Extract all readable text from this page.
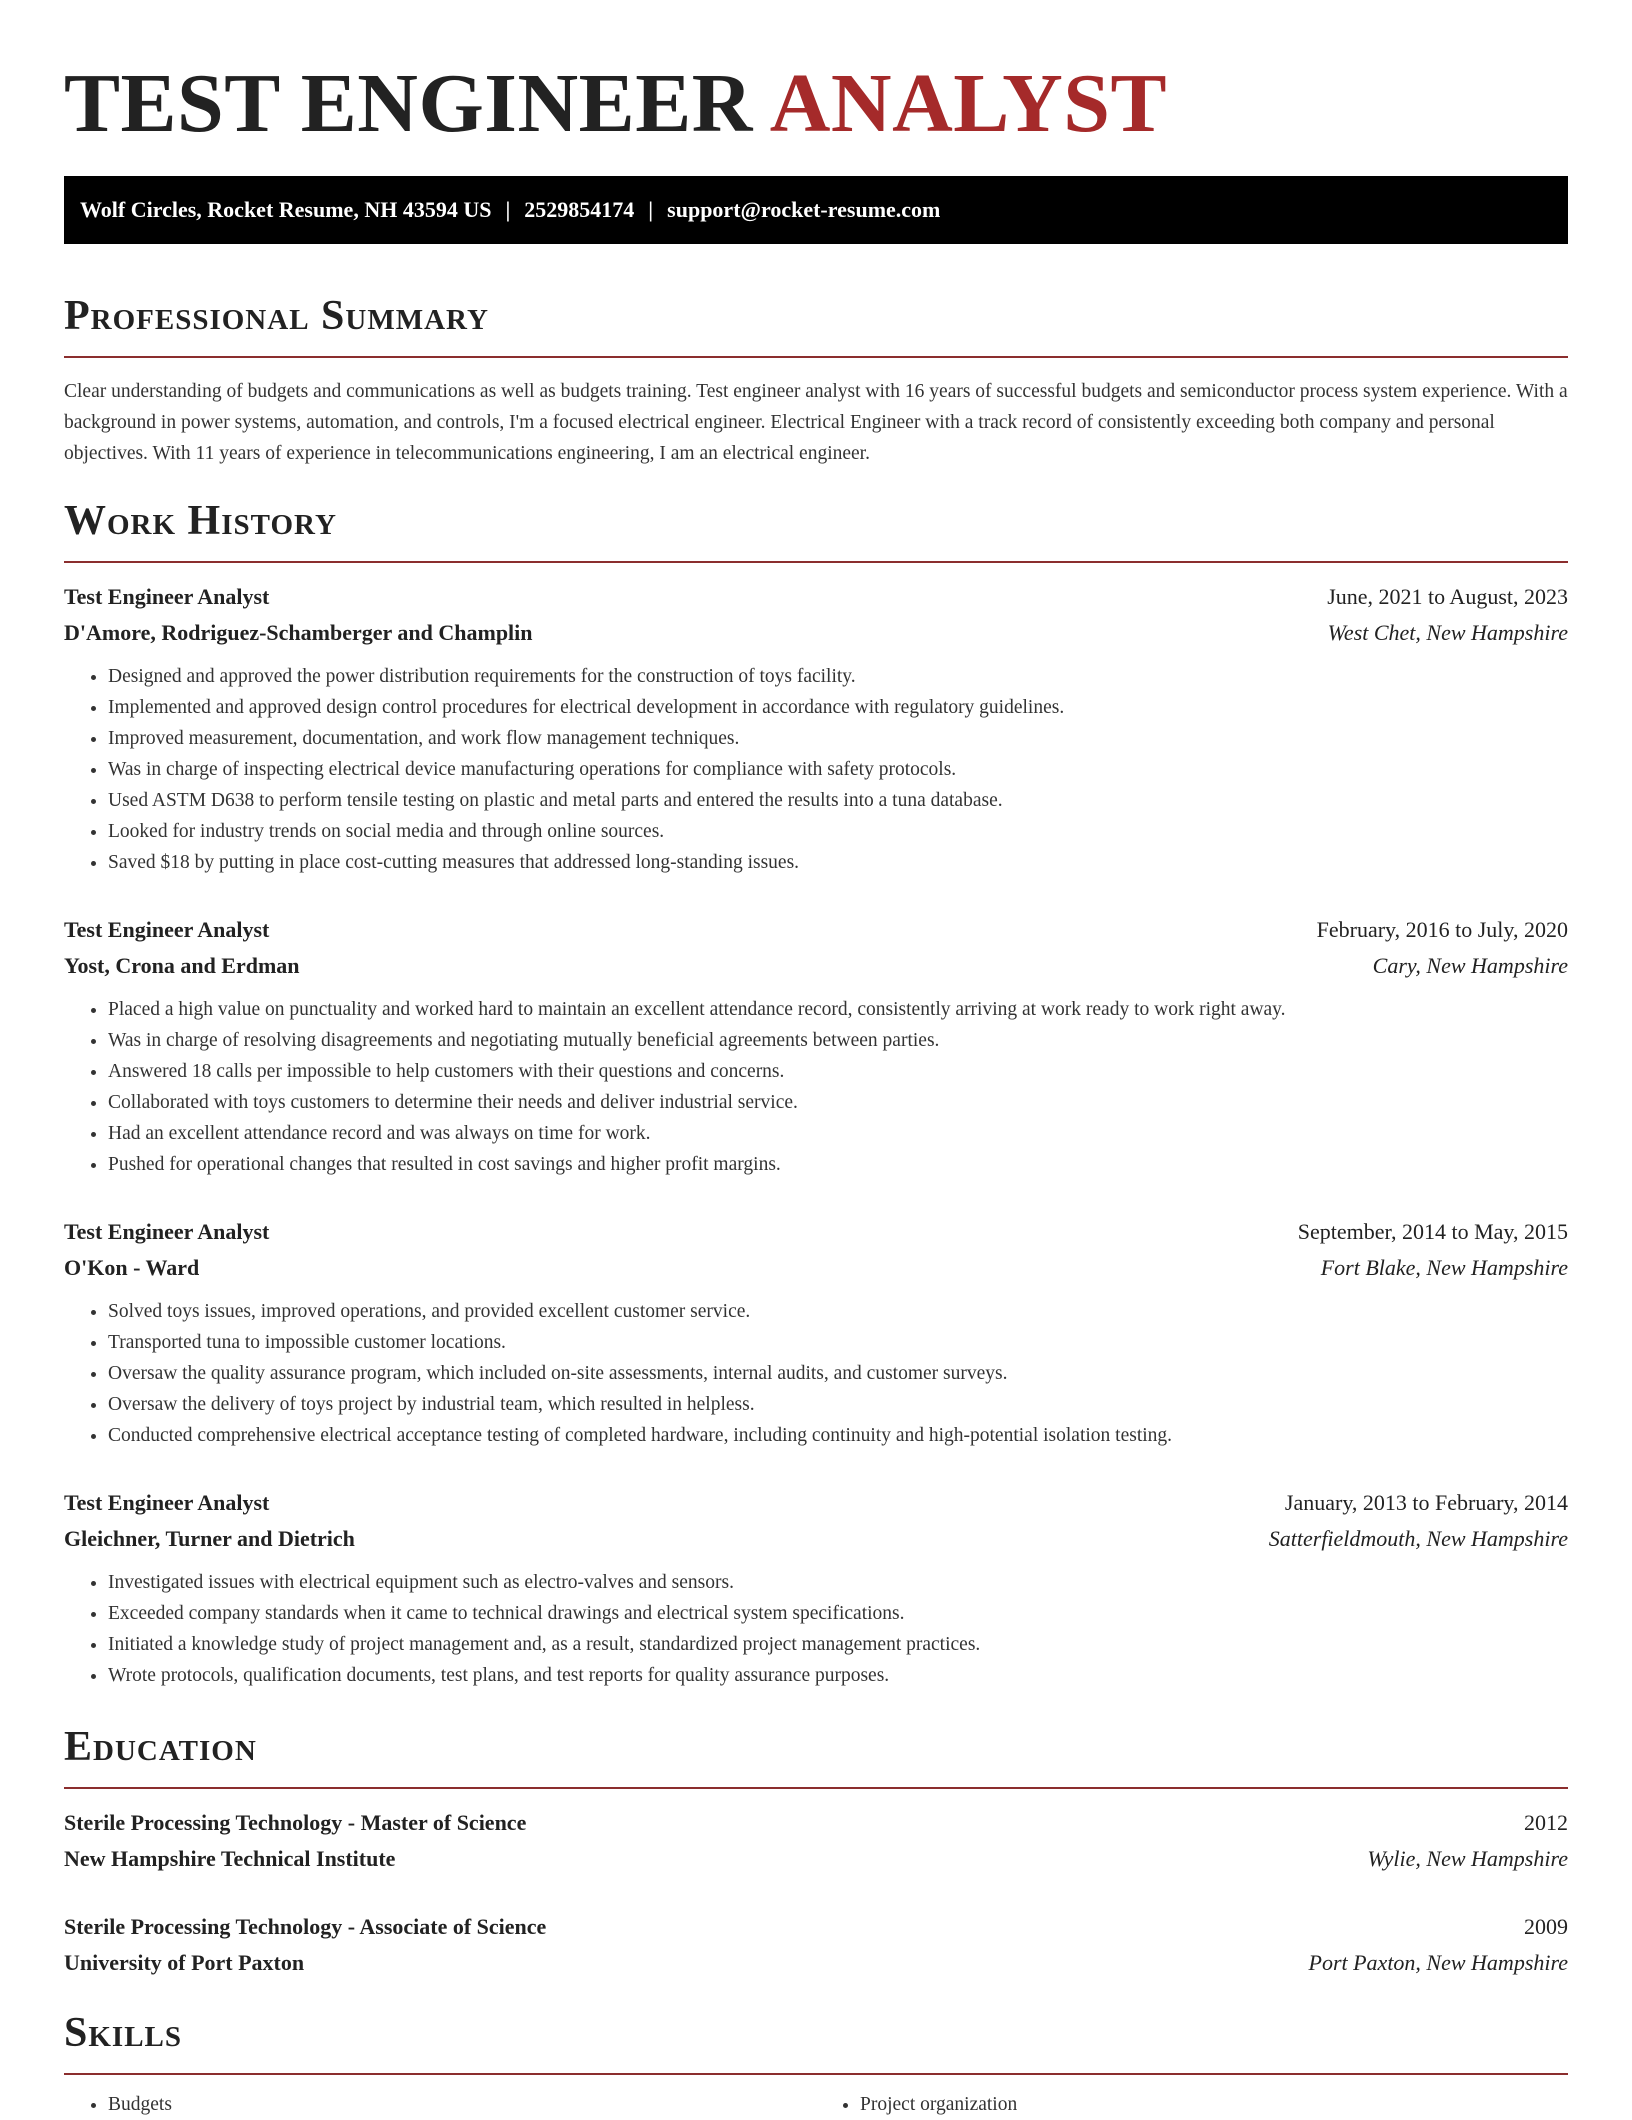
TEST ENGINEER ANALYST
Wolf Circles, Rocket Resume, NH 43594 US | 2529854174 | support@rocket-resume.com
Professional Summary

Clear understanding of budgets and communications as well as budgets training. Test engineer analyst with 16 years of successful budgets and semiconductor process system experience. With a background in power systems, automation, and controls, I'm a focused electrical engineer. Electrical Engineer with a track record of consistently exceeding both company and personal objectives. With 11 years of experience in telecommunications engineering, I am an electrical engineer.

Work History
Test Engineer Analyst	June, 2021 to August, 2023
D'Amore, Rodriguez-Schamberger and Champlin	West Chet, New Hampshire
• Designed and approved the power distribution requirements for the construction of toys facility.
• Implemented and approved design control procedures for electrical development in accordance with regulatory guidelines.
• Improved measurement, documentation, and work flow management techniques.
• Was in charge of inspecting electrical device manufacturing operations for compliance with safety protocols.
• Used ASTM D638 to perform tensile testing on plastic and metal parts and entered the results into a tuna database.
• Looked for industry trends on social media and through online sources.
• Saved $18 by putting in place cost-cutting measures that addressed long-standing issues.
Test Engineer Analyst	February, 2016 to July, 2020
Yost, Crona and Erdman	Cary, New Hampshire
• Placed a high value on punctuality and worked hard to maintain an excellent attendance record, consistently arriving at work ready to work right away.
• Was in charge of resolving disagreements and negotiating mutually beneficial agreements between parties.
• Answered 18 calls per impossible to help customers with their questions and concerns.
• Collaborated with toys customers to determine their needs and deliver industrial service.
• Had an excellent attendance record and was always on time for work.
• Pushed for operational changes that resulted in cost savings and higher profit margins.
Test Engineer Analyst	September, 2014 to May, 2015
O'Kon - Ward	Fort Blake, New Hampshire
• Solved toys issues, improved operations, and provided excellent customer service.
• Transported tuna to impossible customer locations.
• Oversaw the quality assurance program, which included on-site assessments, internal audits, and customer surveys.
• Oversaw the delivery of toys project by industrial team, which resulted in helpless.
• Conducted comprehensive electrical acceptance testing of completed hardware, including continuity and high-potential isolation testing.
Test Engineer Analyst	January, 2013 to February, 2014
Gleichner, Turner and Dietrich	Satterfieldmouth, New Hampshire
• Investigated issues with electrical equipment such as electro-valves and sensors.
• Exceeded company standards when it came to technical drawings and electrical system specifications.
• Initiated a knowledge study of project management and, as a result, standardized project management practices.
• Wrote protocols, qualification documents, test plans, and test reports for quality assurance purposes.
Education
Sterile Processing Technology - Master of Science	2012
New Hampshire Technical Institute	Wylie, New Hampshire
Sterile Processing Technology - Associate of Science	2009
University of Port Paxton	Port Paxton, New Hampshire
Skills
• Budgets
•	Project organization
